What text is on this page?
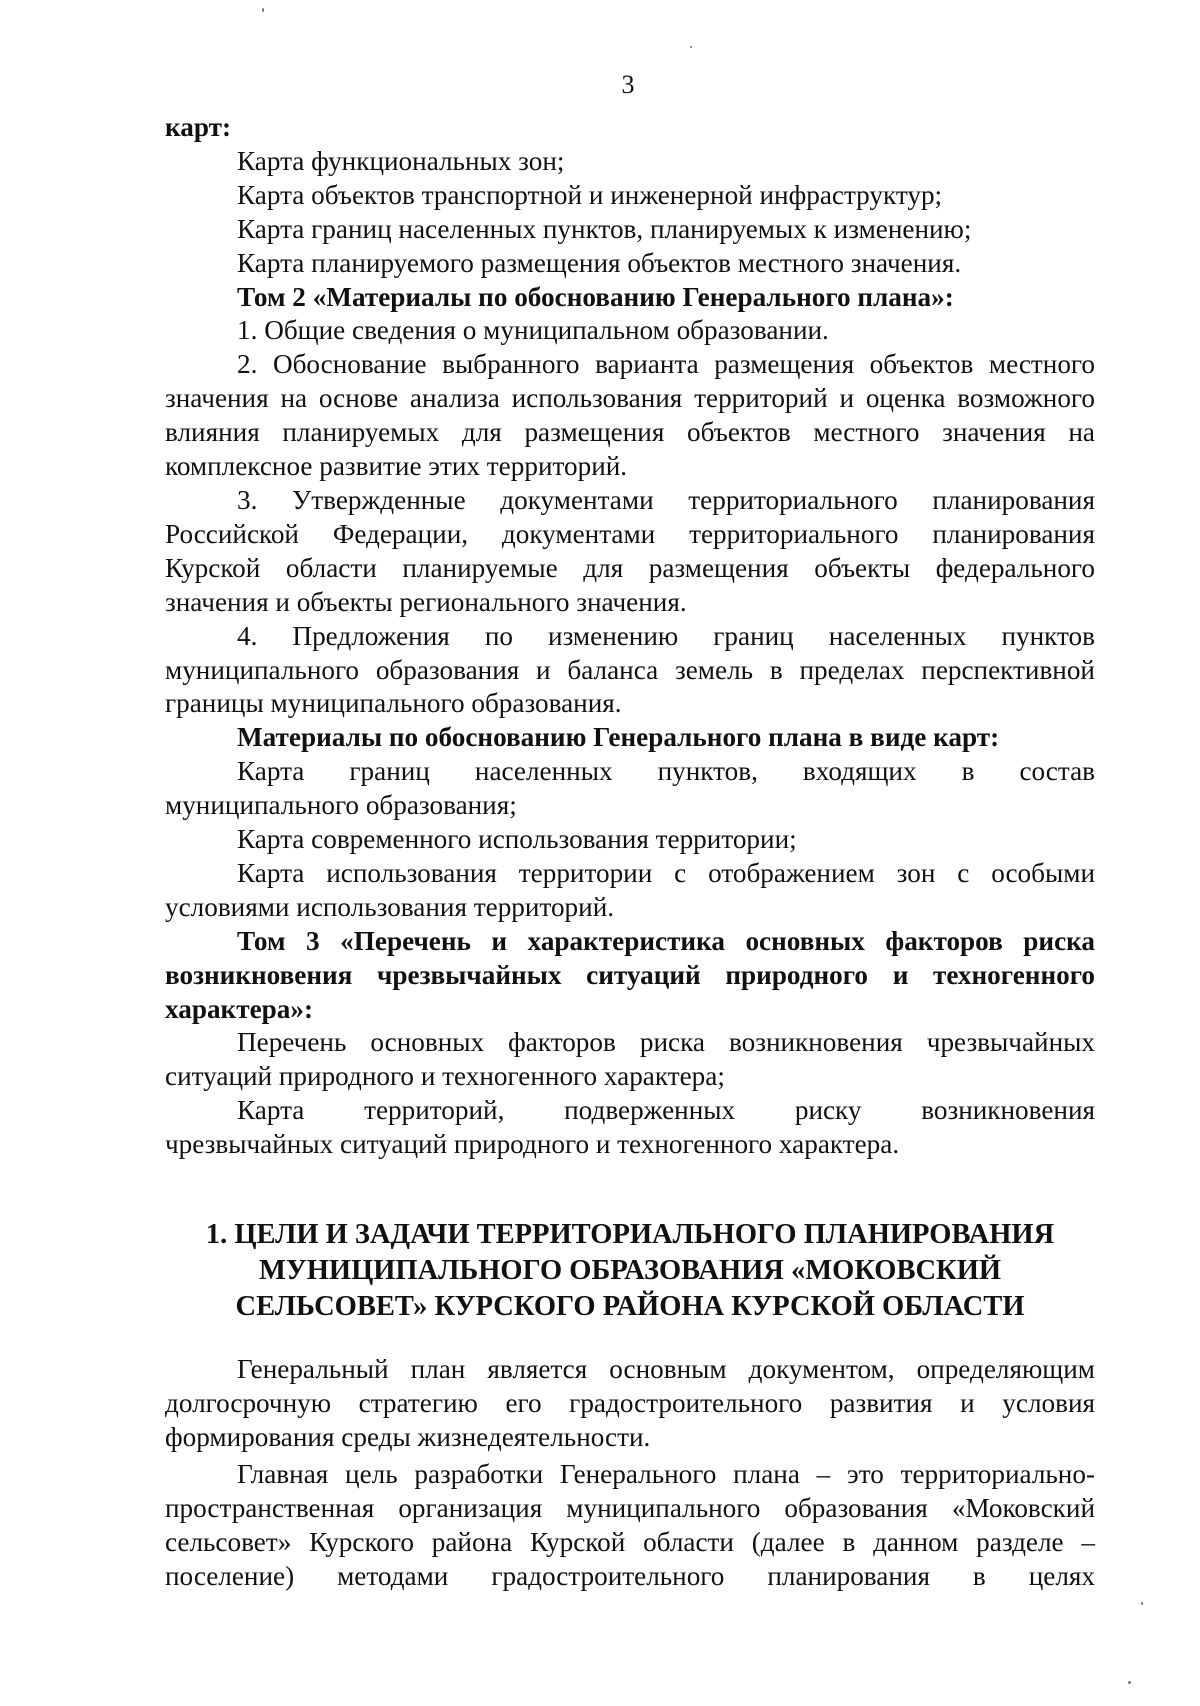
3

карт:

Карта функциональных зон;

Карта объектов транспортной и инженерной инфраструктур;

Карта границ населенных пунктов, планируемых к изменению;

Карта планируемого размещения объектов местного значения.

Том 2 «Материалы по обоснованию Генерального плана»:

1. Общие сведения о муниципальном образовании.

2. Обоснование выбранного варианта размещения объектов местного

значения на основе анализа использования территорий и оценка возможного

влияния планируемых для размещения объектов местного значения на

комплексное развитие этих территорий.

3. Утвержденные документами территориального планирования

Российской Федерации, документами территориального планирования

Курской области планируемые для размещения объекты федерального

значения и объекты регионального значения.

4. Предложения по изменению границ населенных пунктов

муниципального образования и баланса земель в пределах перспективной

границы муниципального образования.

Материалы по обоснованию Генерального плана в виде карт:

Карта границ населенных пунктов, входящих в состав

муниципального образования;

Карта современного использования территории;

Карта использования территории с отображением зон с особыми

условиями использования территорий.

Том 3 «Перечень и характеристика основных факторов риска

возникновения чрезвычайных ситуаций природного и техногенного

характера»:

Перечень основных факторов риска возникновения чрезвычайных

ситуаций природного и техногенного характера;

Карта территорий, подверженных риску возникновения

чрезвычайных ситуаций природного и техногенного характера.

1. ЦЕЛИ И ЗАДАЧИ ТЕРРИТОРИАЛЬНОГО ПЛАНИРОВАНИЯ
МУНИЦИПАЛЬНОГО ОБРАЗОВАНИЯ «МОКОВСКИЙ
СЕЛЬСОВЕТ» КУРСКОГО РАЙОНА КУРСКОЙ ОБЛАСТИ

Генеральный план является основным документом, определяющим

долгосрочную стратегию его градостроительного развития и условия

формирования среды жизнедеятельности.

Главная цель разработки Генерального плана – это территориально-

пространственная организация муниципального образования «Моковский

сельсовет» Курского района Курской области (далее в данном разделе –

поселение) методами градостроительного планирования в целях
